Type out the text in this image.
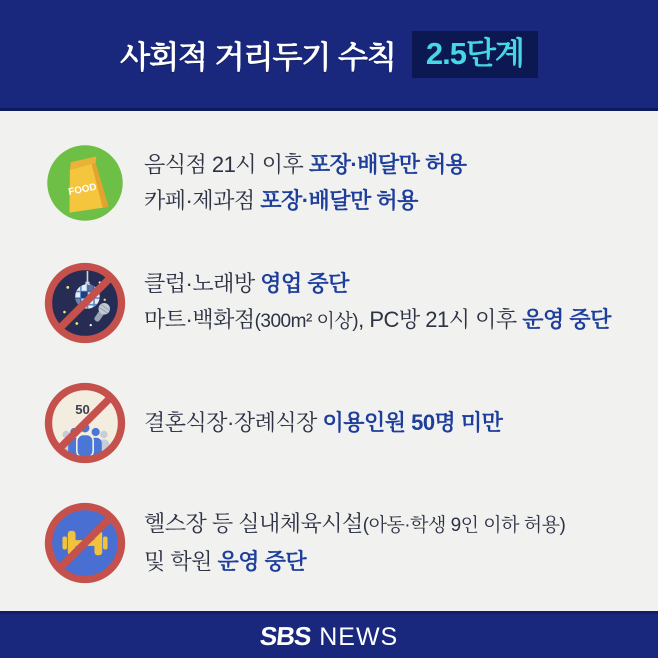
사회적 거리두기 수칙 2.5단계
FOOD

음식점 21시 이후 포장·배달만 허용

카페·제과점 포장·배달만 허용

클럽·노래방 영업 중단

마트·백화점(300m² 이상), PC방 21시 이후 운영 중단

50

결혼식장·장례식장 이용인원 50명 미만

헬스장 등 실내체육시설(아동·학생 9인 이하 허용)

및 학원 운영 중단

SBS NEWS
